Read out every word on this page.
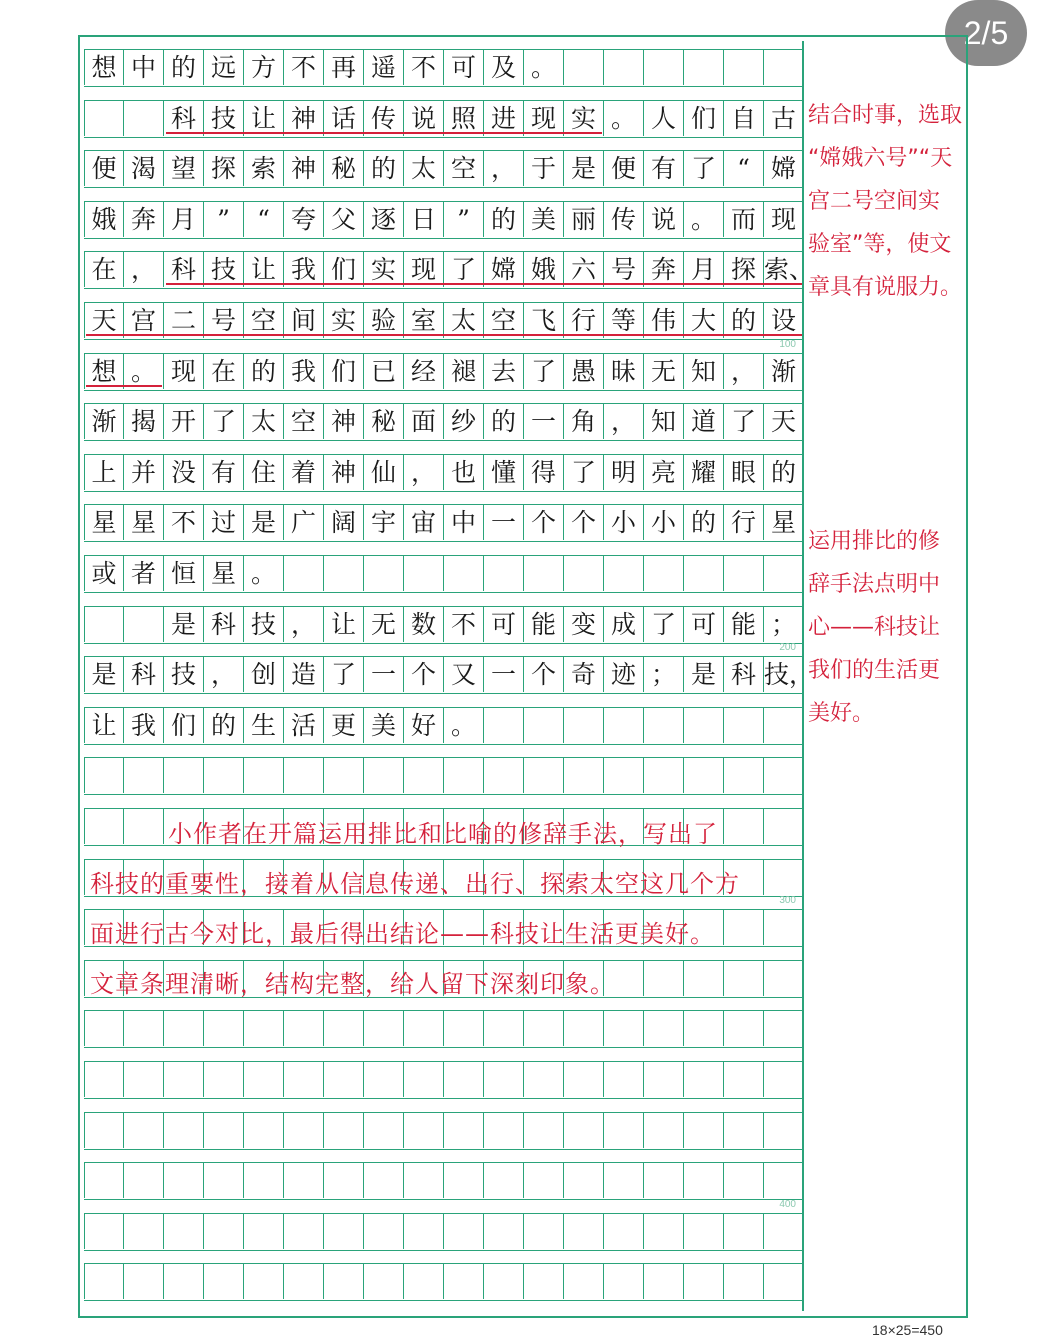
2/5
想 中 的 远 方 不 再 遥 不 可 及 。
科 技 让 神 话 传 说 照 进 现 实 。 人 们 自 古
便 渴 望 探 索 神 秘 的 太 空 ， 于 是 便 有 了 “ 嫦
娥 奔 月 ”	“ 夸 父 逐 日 ” 的 美 丽 传 说 。 而 现
在 ， 科 技 让 我 们 实 现 了 嫦 娥 六 号 奔 月 探 索、
天 宫 二 号 空 间 实 验 室 太 空 飞 行 等 伟 大 的 设
想 。 现 在 的 我 们 已 经 褪 去 了 愚 昧 无 知 ， 渐
渐 揭 开 了 太 空 神 秘 面 纱 的 一 角 ， 知 道 了 天
上 并 没 有 住 着 神 仙 ， 也 懂 得 了 明 亮 耀 眼 的
星 星 不 过 是 广 阔 宇 宙 中 一 个 个 小 小 的 行 星
或 者 恒 星 。
是 科 技 ， 让 无 数 不 可 能 变 成 了 可 能 ；
是 科 技 ， 创 造 了 一 个 又 一 个 奇 迹 ； 是 科 技，
让 我 们 的 生 活 更 美 好 。
100
200
300
400
结合时事，选取
“嫦娥六号”“天
宫二号空间实
验室”等，使文
章具有说服力。
运用排比的修
辞手法点明中
心——科技让
我们的生活更
美好。
小作者在开篇运用排比和比喻的修辞手法，写出了
科技的重要性，接着从信息传递、出行、探索太空这几个方
面进行古今对比，最后得出结论——科技让生活更美好。
文章条理清晰，结构完整，给人留下深刻印象。
18×25=450
